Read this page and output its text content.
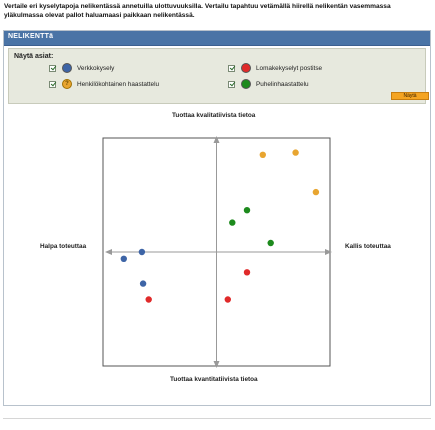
Vertaile eri kyselytapoja nelikentässä annetuilla ulottuvuuksilla. Vertailu tapahtuu vetämällä hiirellä nelikentän vasemmassa
yläkulmassa olevat pallot haluamaasi paikkaan nelikentässä.
NELIKENTTä
Näytä asiat:
Verkkokysely
?	Henkilökohtainen haastattelu
Lomakekyselyt postitse
Puhelinhaastattelu
Näytä
Tuottaa kvalitatiivista tietoa
Tuottaa kvantitatiivista tietoa
Halpa toteuttaa	Kallis toteuttaa
